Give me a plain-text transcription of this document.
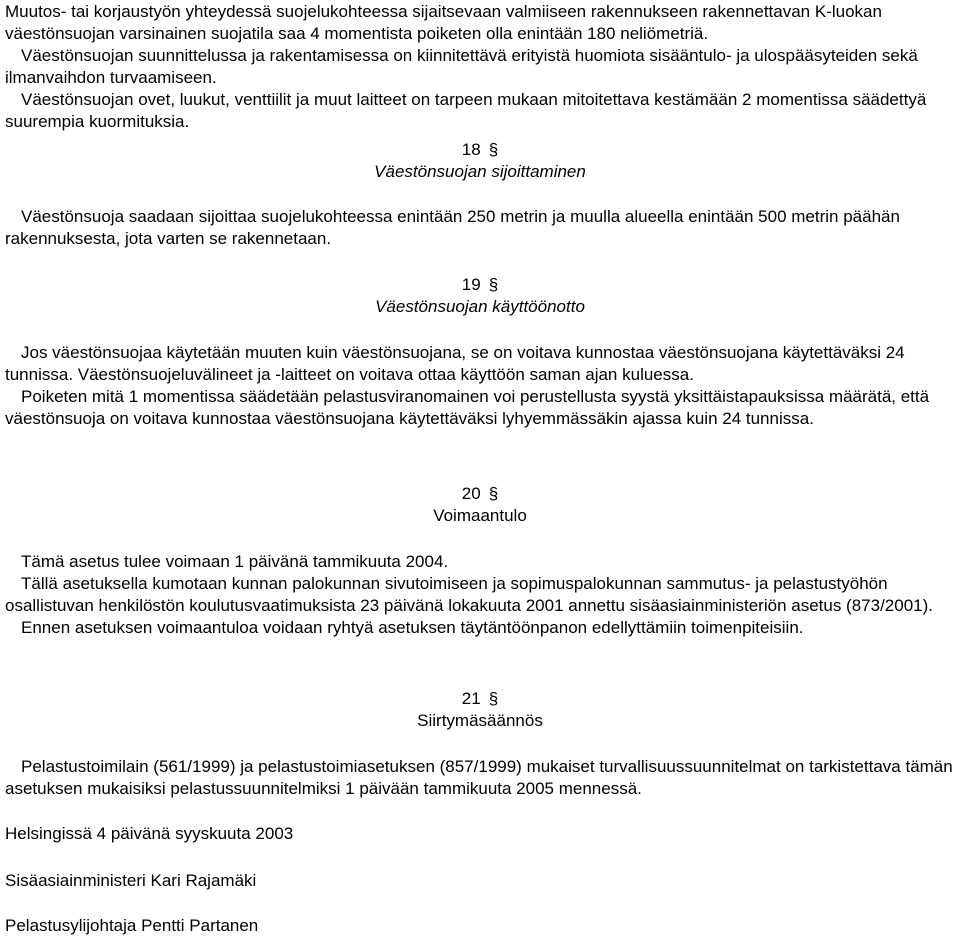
Muutos- tai korjaustyön yhteydessä suojelukohteessa sijaitsevaan valmiiseen rakennukseen rakennettavan K-luokan väestönsuojan varsinainen suojatila saa 4 momentista poiketen olla enintään 180 neliömetriä.

Väestönsuojan suunnittelussa ja rakentamisessa on kiinnitettävä erityistä huomiota sisääntulo- ja ulospääsyteiden sekä ilmanvaihdon turvaamiseen.

Väestönsuojan ovet, luukut, venttiilit ja muut laitteet on tarpeen mukaan mitoitettava kestämään 2 momentissa säädettyä suurempia kuormituksia.

18 §

Väestönsuojan sijoittaminen

Väestönsuoja saadaan sijoittaa suojelukohteessa enintään 250 metrin ja muulla alueella enintään 500 metrin päähän rakennuksesta, jota varten se rakennetaan.

19 §

Väestönsuojan käyttöönotto

Jos väestönsuojaa käytetään muuten kuin väestönsuojana, se on voitava kunnostaa väestönsuojana käytettäväksi 24 tunnissa. Väestönsuojeluvälineet ja -laitteet on voitava ottaa käyttöön saman ajan kuluessa.

Poiketen mitä 1 momentissa säädetään pelastusviranomainen voi perustellusta syystä yksittäistapauksissa määrätä, että väestönsuoja on voitava kunnostaa väestönsuojana käytettäväksi lyhyemmässäkin ajassa kuin 24 tunnissa.

20 §

Voimaantulo

Tämä asetus tulee voimaan 1 päivänä tammikuuta 2004.

Tällä asetuksella kumotaan kunnan palokunnan sivutoimiseen ja sopimuspalokunnan sammutus- ja pelastustyöhön osallistuvan henkilöstön koulutusvaatimuksista 23 päivänä lokakuuta 2001 annettu sisäasiainministeriön asetus (873/2001).

Ennen asetuksen voimaantuloa voidaan ryhtyä asetuksen täytäntöönpanon edellyttämiin toimenpiteisiin.

21 §

Siirtymäsäännös

Pelastustoimilain (561/1999) ja pelastustoimiasetuksen (857/1999) mukaiset turvallisuussuunnitelmat on tarkistettava tämän asetuksen mukaisiksi pelastussuunnitelmiksi 1 päivään tammikuuta 2005 mennessä.

Helsingissä 4 päivänä syyskuuta 2003

Sisäasiainministeri Kari Rajamäki

Pelastusylijohtaja Pentti Partanen
